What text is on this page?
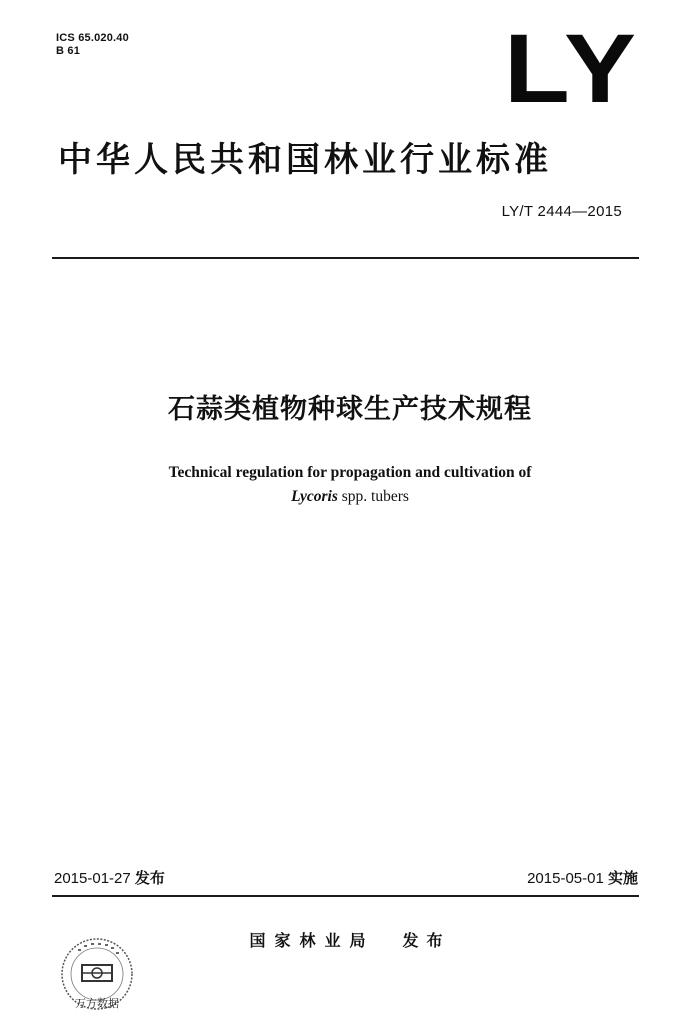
ICS 65.020.40
B 61	LY
中华人民共和国林业行业标准
LY/T 2444—2015
石蒜类植物种球生产技术规程
Technical regulation for propagation and cultivation of
Lycoris spp. tubers
2015-01-27 发布	2015-05-01 实施
国家林业局 发布
万方数据
